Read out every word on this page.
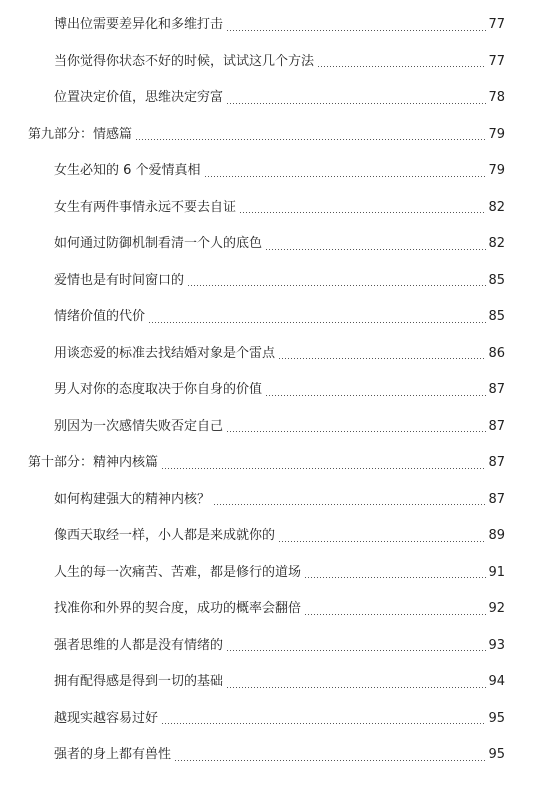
博出位需要差异化和多维打击	77
当你觉得你状态不好的时候，试试这几个方法	77
位置决定价值，思维决定穷富	78
第九部分：情感篇	79
女生必知的 6 个爱情真相	79
女生有两件事情永远不要去自证	82
如何通过防御机制看清一个人的底色	82
爱情也是有时间窗口的	85
情绪价值的代价	85
用谈恋爱的标准去找结婚对象是个雷点	86
男人对你的态度取决于你自身的价值	87
别因为一次感情失败否定自己	87
第十部分：精神内核篇	87
如何构建强大的精神内核？	87
像西天取经一样，小人都是来成就你的	89
人生的每一次痛苦、苦难，都是修行的道场	91
找准你和外界的契合度，成功的概率会翻倍	92
强者思维的人都是没有情绪的	93
拥有配得感是得到一切的基础	94
越现实越容易过好	95
强者的身上都有兽性	95
